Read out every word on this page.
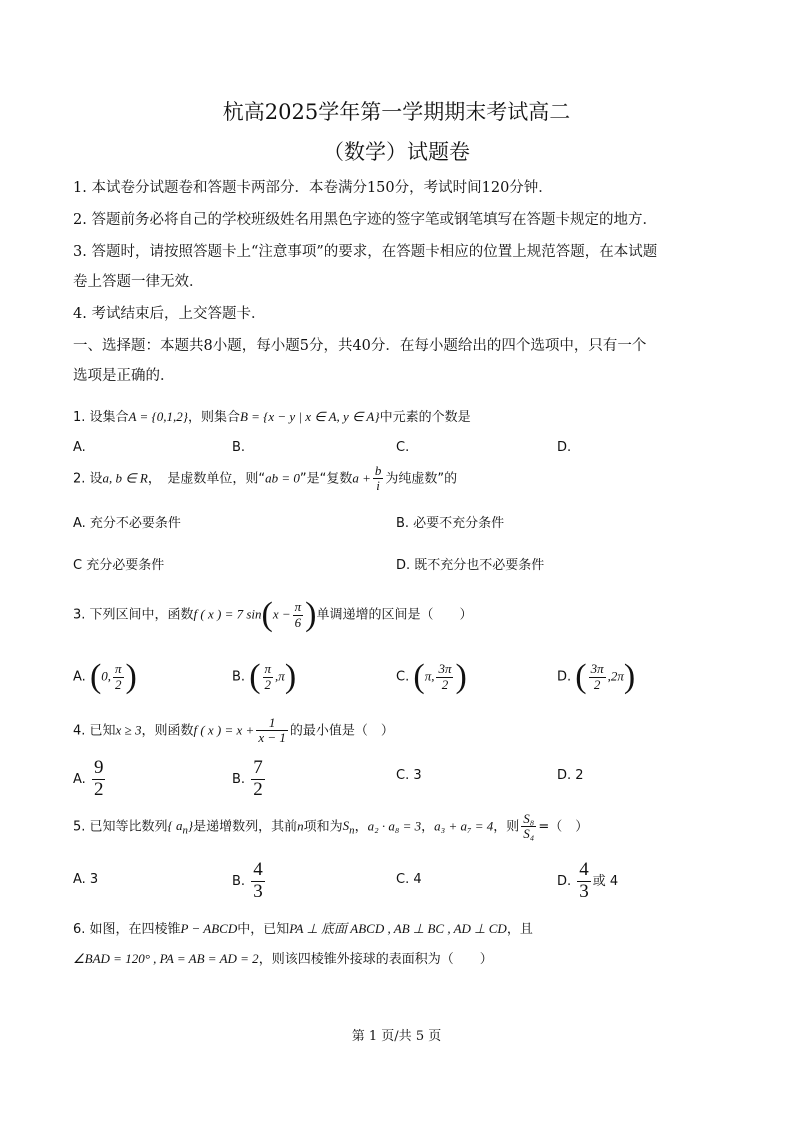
杭高2025学年第一学期期末考试高二
（数学）试题卷
1. 本试卷分试题卷和答题卡两部分．本卷满分150分，考试时间120分钟．
2. 答题前务必将自己的学校班级姓名用黑色字迹的签字笔或钢笔填写在答题卡规定的地方．
3. 答题时，请按照答题卡上“注意事项”的要求，在答题卡相应的位置上规范答题，在本试题
卷上答题一律无效．
4. 考试结束后，上交答题卡．
一、选择题：本题共8小题，每小题5分，共40分．在每小题给出的四个选项中，只有一个
选项是正确的．
1. 设集合A = {0,1,2}，则集合B = {x − y | x ∈ A, y ∈ A}中元素的个数是
A.	B.	C.	D.
2. 设a, b ∈ R，　是虚数单位，则“ab = 0”是“复数$a + \frac{b}{i}$ 为纯虚数”的
A. 充分不必要条件	B. 必要不充分条件
C 充分必要条件	D. 既不充分也不必要条件
3. 下列区间中，函数f ( x ) = 7 $\sin(x - \frac{\pi}{6}$ )单调递增的区间是（　　）
A. (0, $\frac{\pi}{2}$ )	B. ( $\frac{\pi}{2} ,\pi$)	C. (π, $\frac{3\pi}{2}$ )	D. ( $\frac{3\pi}{2} ,2\pi$)
4. 已知x ≥ 3，则函数f ( x ) = $x + \frac{1}{x - 1}$ 的最小值是（　）
A. $\frac{9}{2}$	B. $\frac{7}{2}$	C. 3	D. 2
5. 已知等比数列{ $a_n$}是递增数列，其前n项和为$S_n$，a₂ · a₈ = 3，a₃ + a₇ = 4，则 $\frac{\text{S₈}}{\text{S₄}}$ =（　）
A. 3	B. $\frac{4}{3}$	C. 4	D. $\frac{4}{3}$ 或 4
6. 如图，在四棱锥P − ABCD中，已知PA ⊥ 底面 ABCD , AB ⊥ BC , AD ⊥ CD，且
∠BAD = 120° , PA = AB = AD = 2，则该四棱锥外接球的表面积为（　　）
第 1 页/共 5 页
